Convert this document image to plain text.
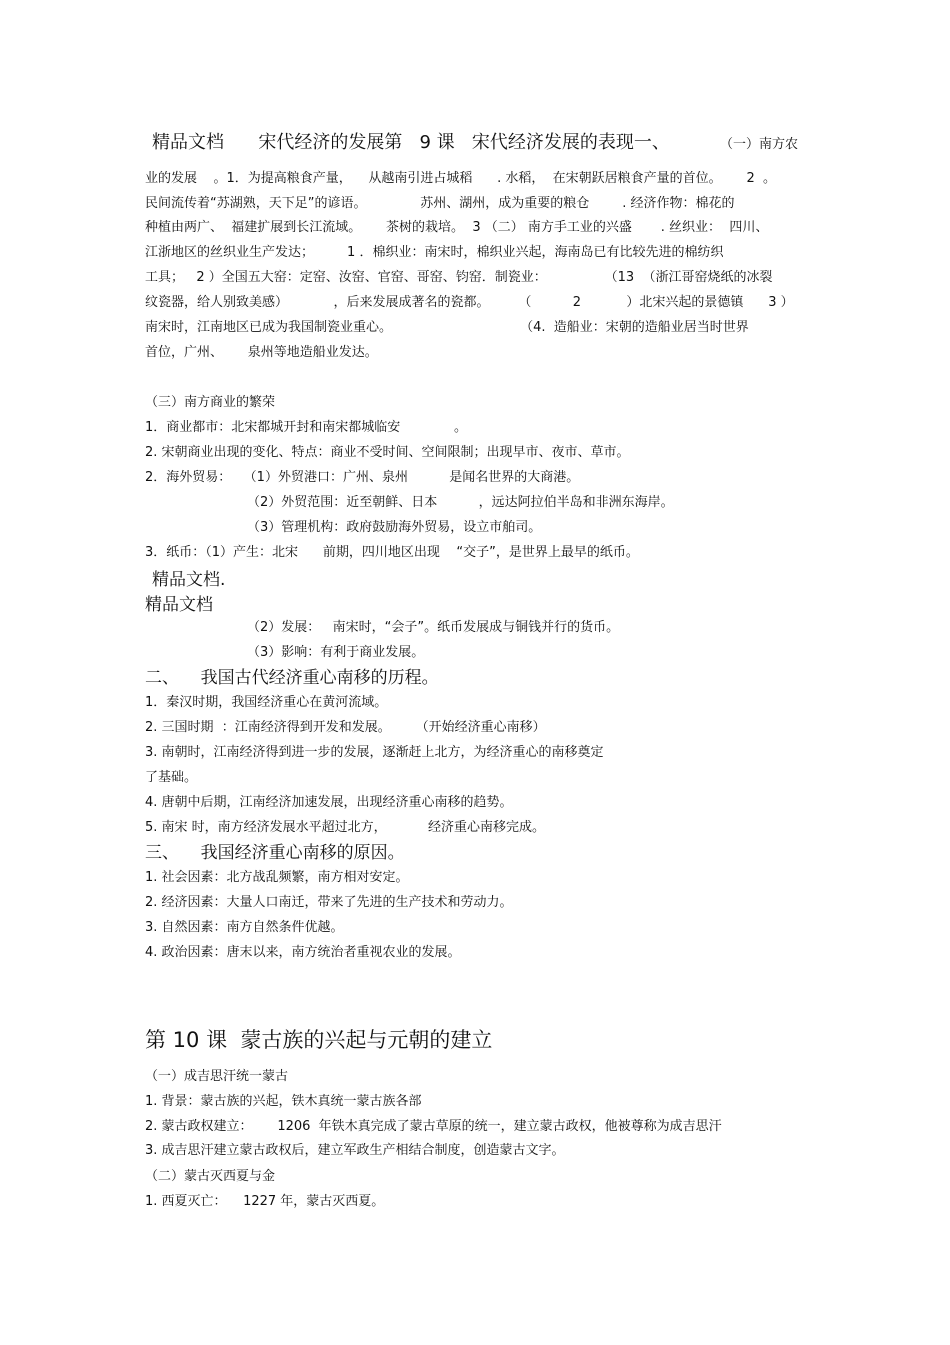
精品文档      宋代经济的发展第   9 课   宋代经济发展的表现一、	（一）南方农
业的发展    。1．为提高粮食产量，    从越南引进占城稻      . 水稻，  在宋朝跃居粮食产量的首位。      2  。
民间流传着“苏湖熟，天下足”的谚语。             苏州、湖州，成为重要的粮仓        . 经济作物：棉花的
种植由两广、  福建扩展到长江流域。      茶树的栽培。  3 （二） 南方手工业的兴盛       . 丝织业：  四川、
江浙地区的丝织业生产发达；        1 ．棉织业：南宋时，棉织业兴起，海南岛已有比较先进的棉纺织
工具；   2 ）全国五大窑：定窑、汝窑、官窑、哥窑、钧窑．制瓷业：              （13  （浙江哥窑烧纸的冰裂
纹瓷器，给人别致美感）           ，后来发展成著名的瓷都。       （          2           ）北宋兴起的景德镇      3 ）
南宋时，江南地区已成为我国制瓷业重心。                               （4.  造船业：宋朝的造船业居当时世界
首位，广州、      泉州等地造船业发达。
（三）南方商业的繁荣
1．商业都市：北宋都城开封和南宋都城临安             。
2. 宋朝商业出现的变化、特点：商业不受时间、空间限制；出现早市、夜市、草市。
2．海外贸易：   （1）外贸港口：广州、泉州          是闻名世界的大商港。
（2）外贸范围：近至朝鲜、日本          ，远达阿拉伯半岛和非洲东海岸。
（3）管理机构：政府鼓励海外贸易，设立市舶司。
3．纸币：（1）产生：北宋      前期，四川地区出现    “交子”，是世界上最早的纸币。
精品文档.
精品文档
（2）发展：   南宋时，“会子”。纸币发展成与铜钱并行的货币。
（3）影响：有利于商业发展。
二、    我国古代经济重心南移的历程。
1．秦汉时期，我国经济重心在黄河流域。
2. 三国时期  ：江南经济得到开发和发展。      （开始经济重心南移）
3. 南朝时，江南经济得到进一步的发展，逐渐赶上北方，为经济重心的南移奠定
了基础。
4. 唐朝中后期，江南经济加速发展，出现经济重心南移的趋势。
5. 南宋 时，南方经济发展水平超过北方，          经济重心南移完成。
三、    我国经济重心南移的原因。
1. 社会因素：北方战乱频繁，南方相对安定。
2. 经济因素：大量人口南迁，带来了先进的生产技术和劳动力。
3. 自然因素：南方自然条件优越。
4. 政治因素：唐末以来，南方统治者重视农业的发展。
第 10 课  蒙古族的兴起与元朝的建立
（一）成吉思汗统一蒙古
1. 背景：蒙古族的兴起，铁木真统一蒙古族各部
2. 蒙古政权建立：      1206  年铁木真完成了蒙古草原的统一，建立蒙古政权，他被尊称为成吉思汗
3. 成吉思汗建立蒙古政权后，建立军政生产相结合制度，创造蒙古文字。
（二）蒙古灭西夏与金
1. 西夏灭亡：    1227 年，蒙古灭西夏。
